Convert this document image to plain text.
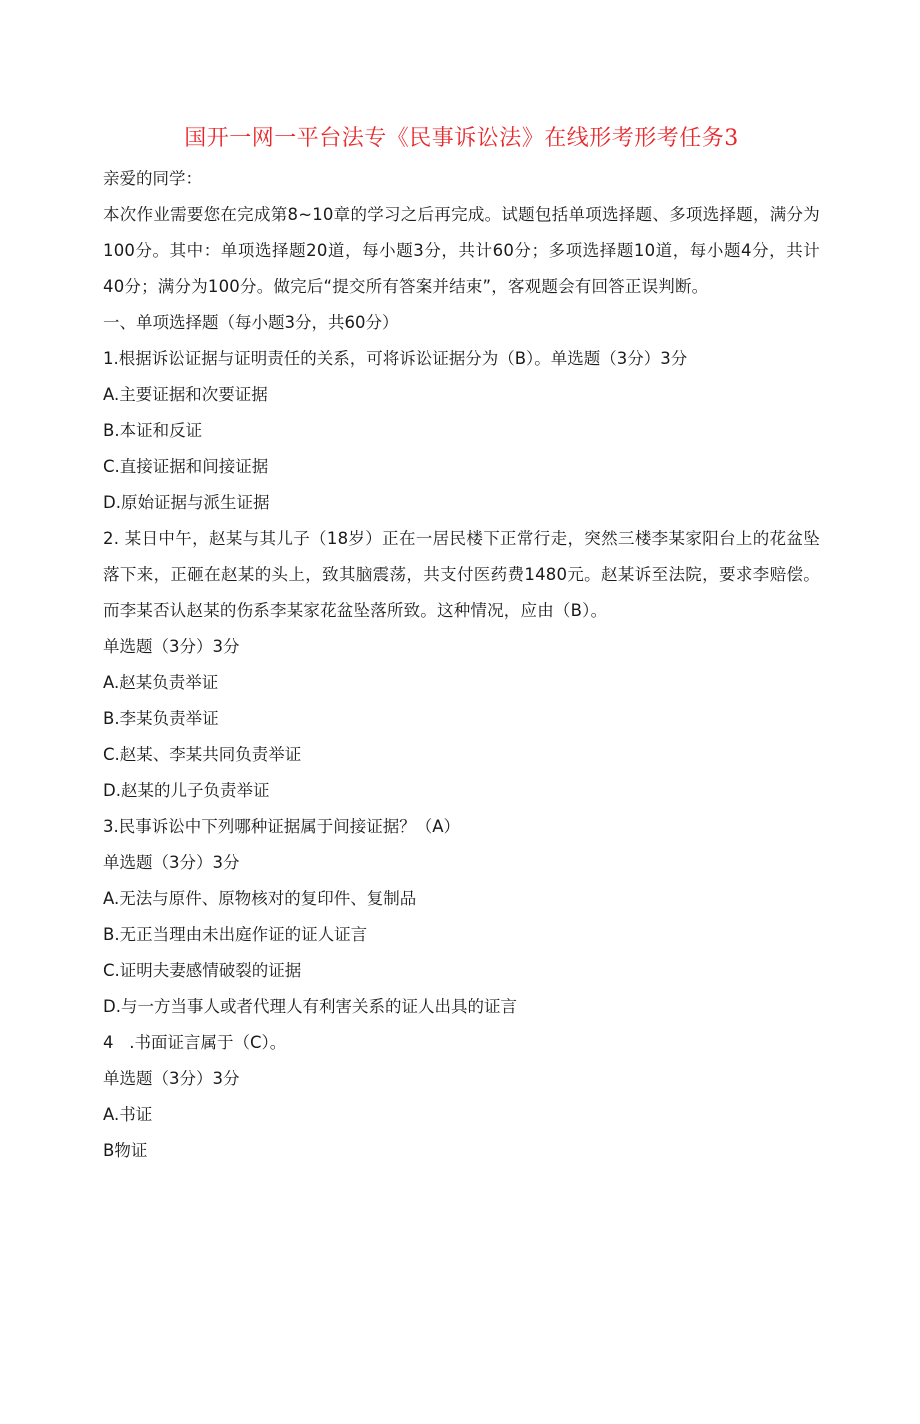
国开一网一平台法专《民事诉讼法》在线形考形考任务3
亲爱的同学：
本次作业需要您在完成第8~10章的学习之后再完成。试题包括单项选择题、多项选择题，满分为100分。其中：单项选择题20道，每小题3分，共计60分；多项选择题10道，每小题4分，共计40分；满分为100分。做完后“提交所有答案并结束”，客观题会有回答正误判断。
一、单项选择题（每小题3分，共60分）
1.根据诉讼证据与证明责任的关系，可将诉讼证据分为（B）。单选题（3分）3分
A.主要证据和次要证据
B.本证和反证
C.直接证据和间接证据
D.原始证据与派生证据
2. 某日中午，赵某与其儿子（18岁）正在一居民楼下正常行走，突然三楼李某家阳台上的花盆坠落下来，正砸在赵某的头上，致其脑震荡，共支付医药费1480元。赵某诉至法院，要求李赔偿。而李某否认赵某的伤系李某家花盆坠落所致。这种情况，应由（B）。
单选题（3分）3分
A.赵某负责举证
B.李某负责举证
C.赵某、李某共同负责举证
D.赵某的儿子负责举证
3.民事诉讼中下列哪种证据属于间接证据？（A）
单选题（3分）3分
A.无法与原件、原物核对的复印件、复制品
B.无正当理由未出庭作证的证人证言
C.证明夫妻感情破裂的证据
D.与一方当事人或者代理人有利害关系的证人出具的证言
4   .书面证言属于（C）。
单选题（3分）3分
A.书证
B物证
